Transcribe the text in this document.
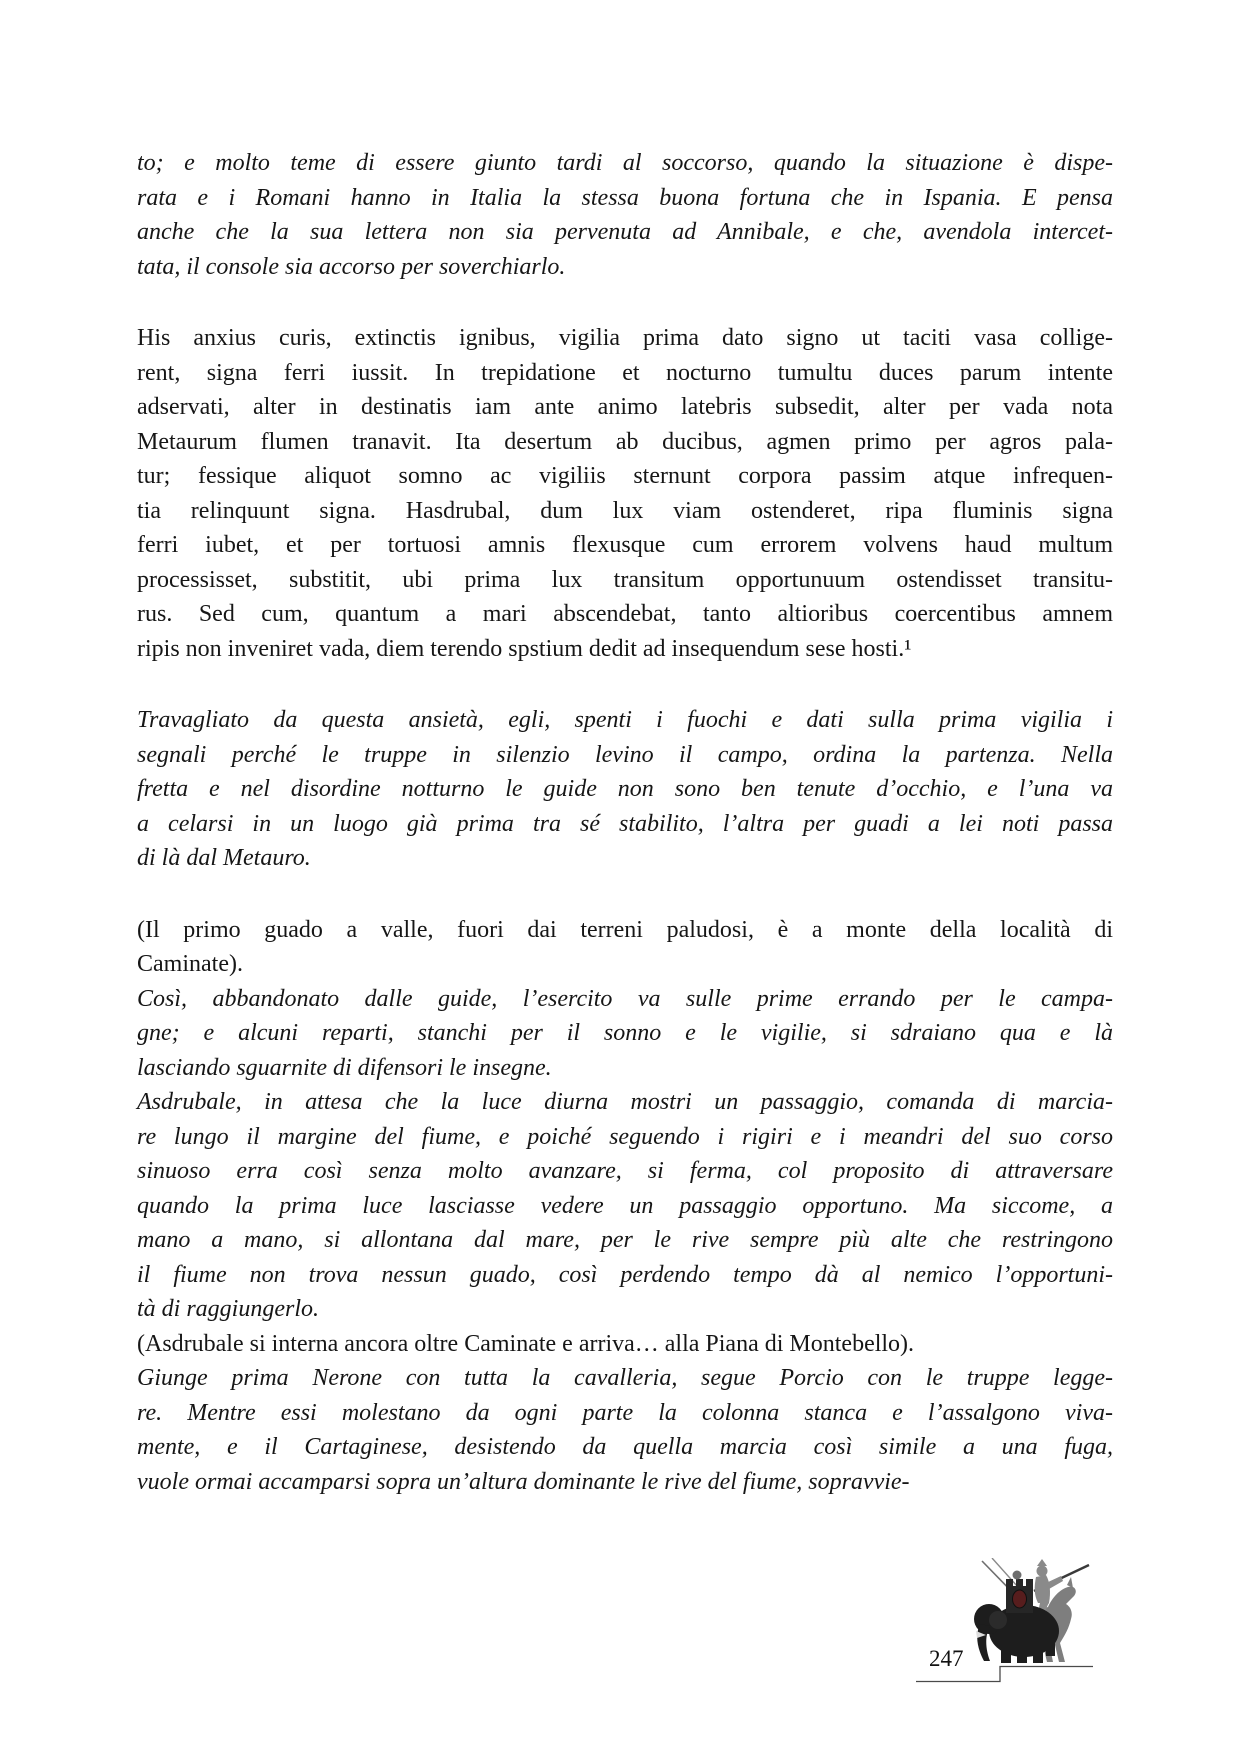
to; e molto teme di essere giunto tardi al soccorso, quando la situazione è dispe-
rata e i Romani hanno in Italia la stessa buona fortuna che in Ispania. E pensa
anche che la sua lettera non sia pervenuta ad Annibale, e che, avendola intercet-
tata, il console sia accorso per soverchiarlo.
His anxius curis, extinctis ignibus, vigilia prima dato signo ut taciti vasa collige-
rent, signa ferri iussit. In trepidatione et nocturno tumultu duces parum intente
adservati, alter in destinatis iam ante animo latebris subsedit, alter per vada nota
Metaurum flumen tranavit. Ita desertum ab ducibus, agmen primo per agros pala-
tur; fessique aliquot somno ac vigiliis sternunt corpora passim atque infrequen-
tia relinquunt signa. Hasdrubal, dum lux viam ostenderet, ripa fluminis signa
ferri iubet, et per tortuosi amnis flexusque cum errorem volvens haud multum
processisset, substitit, ubi prima lux transitum opportunuum ostendisset transitu-
rus. Sed cum, quantum a mari abscendebat, tanto altioribus coercentibus amnem
ripis non inveniret vada, diem terendo spstium dedit ad insequendum sese hosti.¹
Travagliato da questa ansietà, egli, spenti i fuochi e dati sulla prima vigilia i
segnali perché le truppe in silenzio levino il campo, ordina la partenza. Nella
fretta e nel disordine notturno le guide non sono ben tenute d’occhio, e l’una va
a celarsi in un luogo già prima tra sé stabilito, l’altra per guadi a lei noti passa
di là dal Metauro.
(Il primo guado a valle, fuori dai terreni paludosi, è a monte della località di
Caminate).
Così, abbandonato dalle guide, l’esercito va sulle prime errando per le campa-
gne; e alcuni reparti, stanchi per il sonno e le vigilie, si sdraiano qua e là
lasciando sguarnite di difensori le insegne.
Asdrubale, in attesa che la luce diurna mostri un passaggio, comanda di marcia-
re lungo il margine del fiume, e poiché seguendo i rigiri e i meandri del suo corso
sinuoso erra così senza molto avanzare, si ferma, col proposito di attraversare
quando la prima luce lasciasse vedere un passaggio opportuno. Ma siccome, a
mano a mano, si allontana dal mare, per le rive sempre più alte che restringono
il fiume non trova nessun guado, così perdendo tempo dà al nemico l’opportuni-
tà di raggiungerlo.
(Asdrubale si interna ancora oltre Caminate e arriva… alla Piana di Montebello).
Giunge prima Nerone con tutta la cavalleria, segue Porcio con le truppe legge-
re. Mentre essi molestano da ogni parte la colonna stanca e l’assalgono viva-
mente, e il Cartaginese, desistendo da quella marcia così simile a una fuga,
vuole ormai accamparsi sopra un’altura dominante le rive del fiume, sopravvie-
247
